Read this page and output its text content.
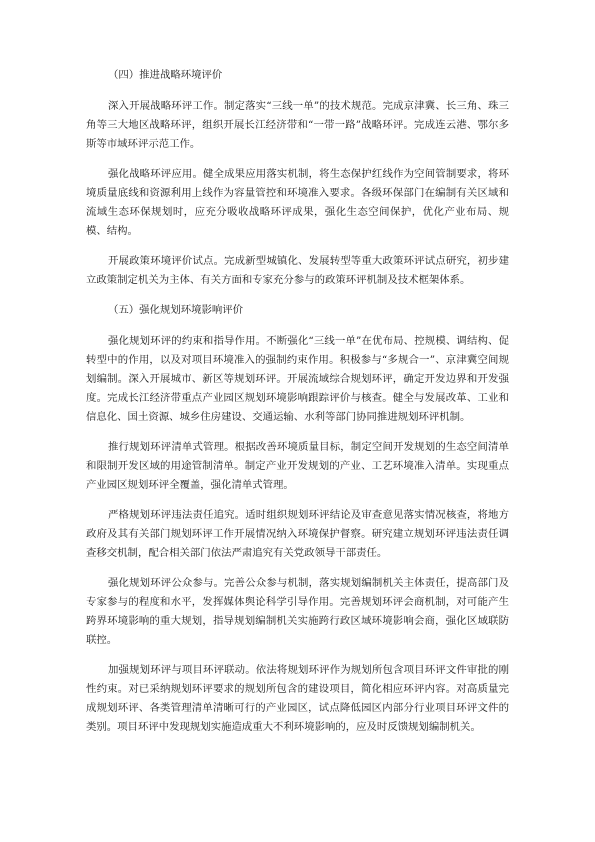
（四）推进战略环境评价

深入开展战略环评工作。制定落实“三线一单”的技术规范。完成京津冀、长三角、珠三角等三大地区战略环评，组织开展长江经济带和“一带一路”战略环评。完成连云港、鄂尔多斯等市域环评示范工作。

强化战略环评应用。健全成果应用落实机制，将生态保护红线作为空间管制要求，将环境质量底线和资源利用上线作为容量管控和环境准入要求。各级环保部门在编制有关区域和流域生态环保规划时，应充分吸收战略环评成果，强化生态空间保护，优化产业布局、规模、结构。

开展政策环境评价试点。完成新型城镇化、发展转型等重大政策环评试点研究，初步建立政策制定机关为主体、有关方面和专家充分参与的政策环评机制及技术框架体系。

（五）强化规划环境影响评价

强化规划环评的约束和指导作用。不断强化“三线一单”在优布局、控规模、调结构、促转型中的作用，以及对项目环境准入的强制约束作用。积极参与“多规合一”、京津冀空间规划编制。深入开展城市、新区等规划环评。开展流域综合规划环评，确定开发边界和开发强度。完成长江经济带重点产业园区规划环境影响跟踪评价与核查。健全与发展改革、工业和信息化、国土资源、城乡住房建设、交通运输、水利等部门协同推进规划环评机制。

推行规划环评清单式管理。根据改善环境质量目标，制定空间开发规划的生态空间清单和限制开发区域的用途管制清单。制定产业开发规划的产业、工艺环境准入清单。实现重点产业园区规划环评全覆盖，强化清单式管理。

严格规划环评违法责任追究。适时组织规划环评结论及审查意见落实情况核查，将地方政府及其有关部门规划环评工作开展情况纳入环境保护督察。研究建立规划环评违法责任调查移交机制，配合相关部门依法严肃追究有关党政领导干部责任。

强化规划环评公众参与。完善公众参与机制，落实规划编制机关主体责任，提高部门及专家参与的程度和水平，发挥媒体舆论科学引导作用。完善规划环评会商机制，对可能产生跨界环境影响的重大规划，指导规划编制机关实施跨行政区域环境影响会商，强化区域联防联控。

加强规划环评与项目环评联动。依法将规划环评作为规划所包含项目环评文件审批的刚性约束。对已采纳规划环评要求的规划所包含的建设项目，简化相应环评内容。对高质量完成规划环评、各类管理清单清晰可行的产业园区，试点降低园区内部分行业项目环评文件的类别。项目环评中发现规划实施造成重大不利环境影响的，应及时反馈规划编制机关。
